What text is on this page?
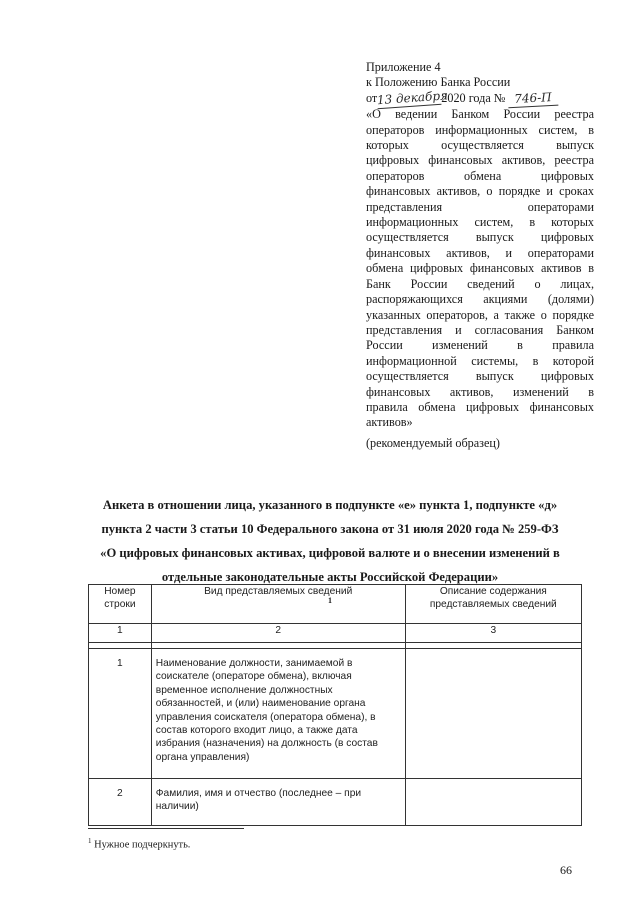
Приложение 4
к Положению Банка России
от13 декабря2020 года № 746-П
«О ведении Банком России реестра
операторов информационных систем, в
которых осуществляется выпуск
цифровых финансовых активов, реестра
операторов обмена цифровых
финансовых активов, о порядке и сроках
представления операторами
информационных систем, в которых
осуществляется выпуск цифровых
финансовых активов, и операторами
обмена цифровых финансовых активов в
Банк России сведений о лицах,
распоряжающихся акциями (долями)
указанных операторов, а также о порядке
представления и согласования Банком
России изменений в правила
информационной системы, в которой
осуществляется выпуск цифровых
финансовых активов, изменений в
правила обмена цифровых финансовых
активов»
(рекомендуемый образец)
Анкета в отношении лица, указанного в подпункте «е» пункта 1, подпункте «д»
пункта 2 части 3 статьи 10 Федерального закона от 31 июля 2020 года № 259-ФЗ
«О цифровых финансовых активах, цифровой валюте и о внесении изменений в
отдельные законодательные акты Российской Федерации»
$^1$
Номер строки	Вид представляемых сведений	Описание содержания представляемых сведений
1	2	3

1	Наименование должности, занимаемой в соискателе (операторе обмена), включая временное исполнение должностных обязанностей, и (или) наименование органа управления соискателя (оператора обмена), в состав которого входит лицо, а также дата избрания (назначения) на должность (в состав органа управления)	
2	Фамилия, имя и отчество (последнее – при наличии)	
$^1$ Нужное подчеркнуть.
66
